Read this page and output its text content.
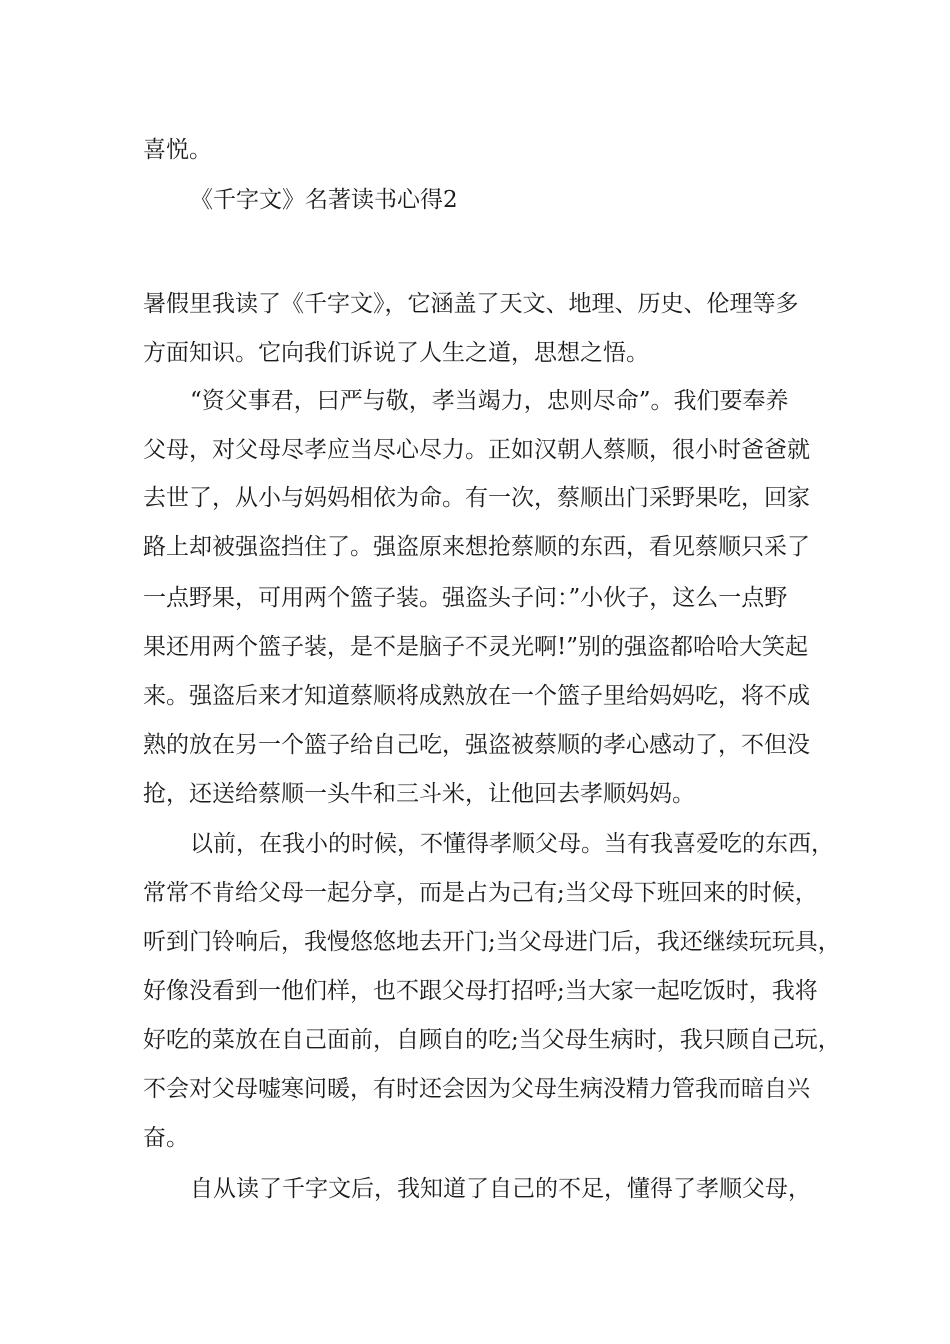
喜悦。
《千字文》名著读书心得2
暑假里我读了《千字文》，它涵盖了天文、地理、历史、伦理等多
方面知识。它向我们诉说了人生之道，思想之悟。
“资父事君，曰严与敬，孝当竭力，忠则尽命”。我们要奉养
父母，对父母尽孝应当尽心尽力。正如汉朝人蔡顺，很小时爸爸就
去世了，从小与妈妈相依为命。有一次，蔡顺出门采野果吃，回家
路上却被强盗挡住了。强盗原来想抢蔡顺的东西，看见蔡顺只采了
一点野果，可用两个篮子装。强盗头子问：”小伙子，这么一点野
果还用两个篮子装，是不是脑子不灵光啊!”别的强盗都哈哈大笑起
来。强盗后来才知道蔡顺将成熟放在一个篮子里给妈妈吃，将不成
熟的放在另一个篮子给自己吃，强盗被蔡顺的孝心感动了，不但没
抢，还送给蔡顺一头牛和三斗米，让他回去孝顺妈妈。
以前，在我小的时候，不懂得孝顺父母。当有我喜爱吃的东西，
常常不肯给父母一起分享，而是占为己有;当父母下班回来的时候，
听到门铃响后，我慢悠悠地去开门;当父母进门后，我还继续玩玩具，
好像没看到一他们样，也不跟父母打招呼;当大家一起吃饭时，我将
好吃的菜放在自己面前，自顾自的吃;当父母生病时，我只顾自己玩，
不会对父母嘘寒问暖，有时还会因为父母生病没精力管我而暗自兴
奋。
自从读了千字文后，我知道了自己的不足，懂得了孝顺父母，
